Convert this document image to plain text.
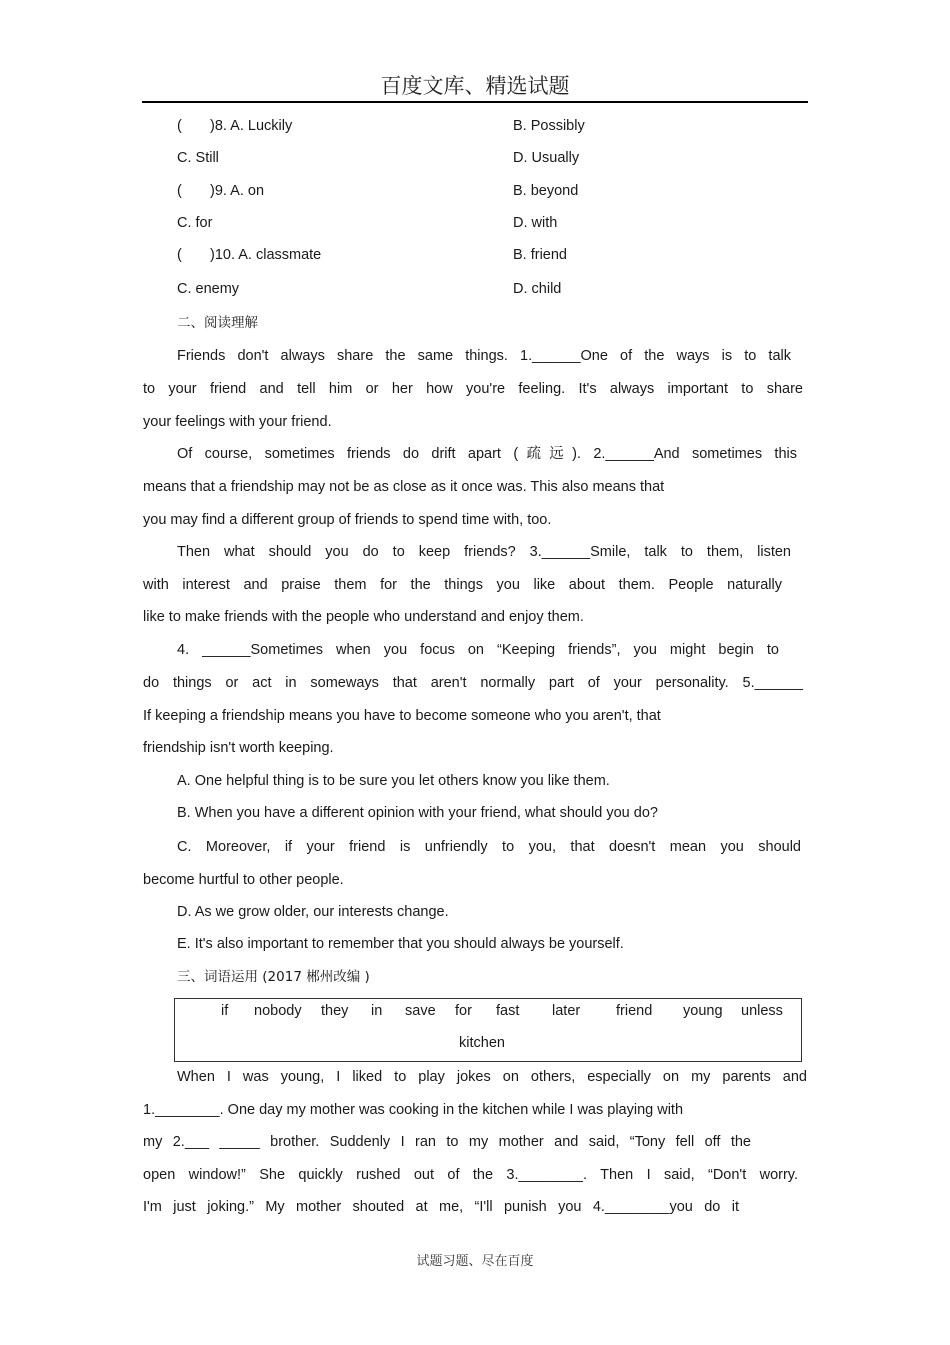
百度文库、精选试题
(       )8. A. Luckily	B. Possibly
C. Still	D. Usually
(       )9. A. on	B. beyond
C. for	D. with
(       )10. A. classmate	B. friend
C. enemy	D. child
二、阅读理解
Friends don't always share the same things. 1.______One of the ways is to talk
to your friend and tell him or her how you're feeling. It's always important to share
your feelings with your friend.
Of course, sometimes friends do drift apart (疏远). 2.______And sometimes this
means that a friendship may not be as close as it once was. This also means that
you may find a different group of friends to spend time with, too.
Then what should you do to keep friends? 3.______Smile, talk to them, listen
with interest and praise them for the things you like about them. People naturally
like to make friends with the people who understand and enjoy them.
4. ______Sometimes when you focus on “Keeping friends”, you might begin to
do things or act in someways that aren't normally part of your personality. 5.______
If keeping a friendship means you have to become someone who you aren't, that
friendship isn't worth keeping.
A. One helpful thing is to be sure you let others know you like them.
B. When you have a different opinion with your friend, what should you do?
C. Moreover, if your friend is unfriendly to you, that doesn't mean you should
become hurtful to other people.
D. As we grow older, our interests change.
E. It's also important to remember that you should always be yourself.
三、词语运用 (2017 郴州改编 )
if nobody they in save for fast later friend young unless
kitchen
When I was young, I liked to play jokes on others, especially on my parents and
1.________. One day my mother was cooking in the kitchen while I was playing with
my 2.___ _____ brother. Suddenly I ran to my mother and said, “Tony fell off the
open window!” She quickly rushed out of the 3.________. Then I said, “Don't worry.
I'm just joking.” My mother shouted at me, “I'll punish you 4.________you do it
试题习题、尽在百度
